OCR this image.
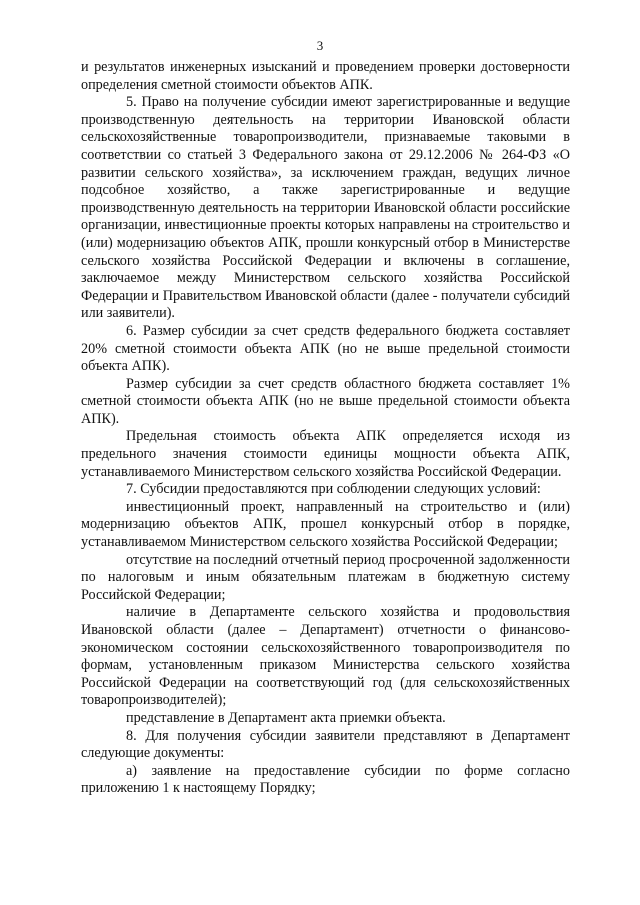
3

и результатов инженерных изысканий и проведением проверки достоверности определения сметной стоимости объектов АПК.

5. Право на получение субсидии имеют зарегистрированные и ведущие производственную деятельность на территории Ивановской области сельскохозяйственные товаропроизводители, признаваемые таковыми в соответствии со статьей 3 Федерального закона от 29.12.2006 № 264-ФЗ «О развитии сельского хозяйства», за исключением граждан, ведущих личное подсобное хозяйство, а также зарегистрированные и ведущие производственную деятельность на территории Ивановской области российские организации, инвестиционные проекты которых направлены на строительство и (или) модернизацию объектов АПК, прошли конкурсный отбор в Министерстве сельского хозяйства Российской Федерации и включены в соглашение, заключаемое между Министерством сельского хозяйства Российской Федерации и Правительством Ивановской области (далее - получатели субсидий или заявители).

6. Размер субсидии за счет средств федерального бюджета составляет 20% сметной стоимости объекта АПК (но не выше предельной стоимости объекта АПК).

Размер субсидии за счет средств областного бюджета составляет 1% сметной стоимости объекта АПК (но не выше предельной стоимости объекта АПК).

Предельная стоимость объекта АПК определяется исходя из предельного значения стоимости единицы мощности объекта АПК, устанавливаемого Министерством сельского хозяйства Российской Федерации.

7. Субсидии предоставляются при соблюдении следующих условий:

инвестиционный проект, направленный на строительство и (или) модернизацию объектов АПК, прошел конкурсный отбор в порядке, устанавливаемом Министерством сельского хозяйства Российской Федерации;

отсутствие на последний отчетный период просроченной задолженности по налоговым и иным обязательным платежам в бюджетную систему Российской Федерации;

наличие в Департаменте сельского хозяйства и продовольствия Ивановской области (далее – Департамент) отчетности о финансово-экономическом состоянии сельскохозяйственного товаропроизводителя по формам, установленным приказом Министерства сельского хозяйства Российской Федерации на соответствующий год (для сельскохозяйственных товаропроизводителей);

представление в Департамент акта приемки объекта.

8. Для получения субсидии заявители представляют в Департамент следующие документы:

а) заявление на предоставление субсидии по форме согласно приложению 1 к настоящему Порядку;
